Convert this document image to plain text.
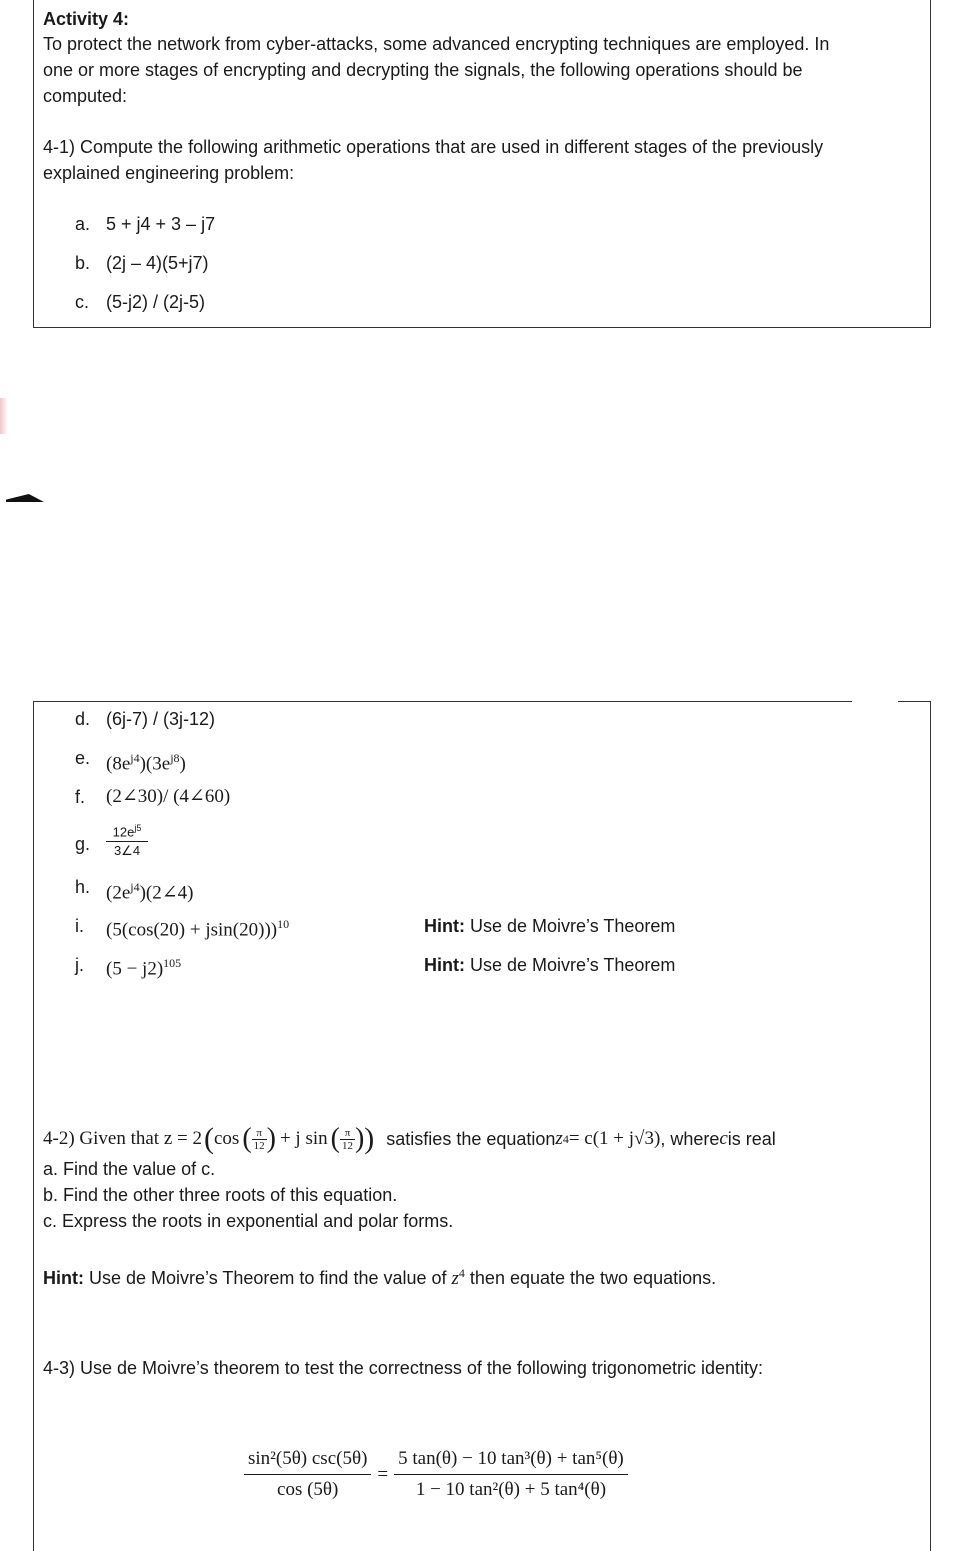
Activity 4:
To protect the network from cyber-attacks, some advanced encrypting techniques are employed. In
one or more stages of encrypting and decrypting the signals, the following operations should be
computed:
4-1) Compute the following arithmetic operations that are used in different stages of the previously
explained engineering problem:
a. 5 + j4 + 3 – j7
b. (2j – 4)(5+j7)
c. (5-j2) / (2j-5)
d. (6j-7) / (3j-12)
e. $(8e^{j4})(3e^{j8})$
f. (2∠30)/ (4∠60)
g. $\frac{12e^{j5}}{3\angle 4}$
h. $(2e^{j4})(2\angle 4)$
i. $(5(\cos(20) + jsin(20)))^{10}$	Hint: Use de Moivre’s Theorem
j. $(5 - j2)^{105}$	Hint: Use de Moivre’s Theorem
4-2) Given that z = 2 ( cos ( $\frac{\pi}{12}$ ) + j sin ( $\frac{\pi}{12}$ ) ) satisfies the equation z 4 = c(1 + j√3) , where c is real
a. Find the value of c.
b. Find the other three roots of this equation.
c. Express the roots in exponential and polar forms.
Hint: Use de Moivre’s Theorem to find the value of $z^4$ then equate the two equations.
4-3) Use de Moivre’s theorem to test the correctness of the following trigonometric identity:
sin²(5θ) csc(5θ)
cos (5θ)
= $\frac{\text{5 tan(θ) − 10 tan³(θ) + tan⁵(θ)}}{\text{1 − 10 tan²(θ) + 5 tan⁴(θ)}}$
